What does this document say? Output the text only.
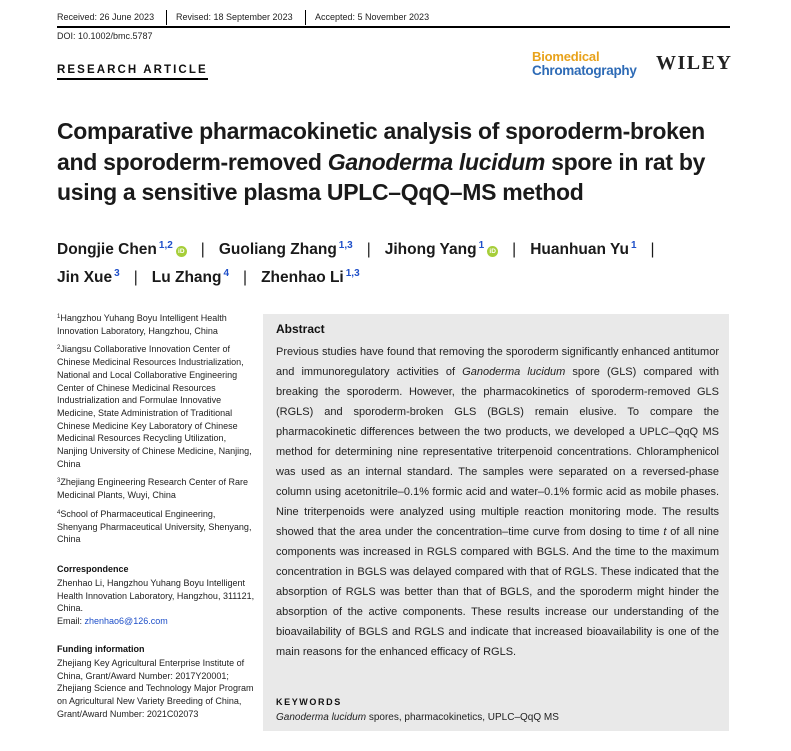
Received: 26 June 2023 Revised: 18 September 2023 Accepted: 5 November 2023
DOI: 10.1002/bmc.5787
RESEARCH ARTICLE
Biomedical
Chromatography WILEY
Comparative pharmacokinetic analysis of sporoderm-broken and sporoderm-removed Ganoderma lucidum spore in rat by using a sensitive plasma UPLC–QqQ–MS method
Dongjie Chen $^{1,2}$iD | Guoliang Zhang $^{1,3}$ | Jihong Yang $^1$iD | Huanhuan Yu $^1$ |
Jin Xue $^3$ | Lu Zhang $^4$ | Zhenhao Li $^{1,3}$

$^1$Hangzhou Yuhang Boyu Intelligent Health Innovation Laboratory, Hangzhou, China

$^2$Jiangsu Collaborative Innovation Center of Chinese Medicinal Resources Industrialization, National and Local Collaborative Engineering Center of Chinese Medicinal Resources Industrialization and Formulae Innovative Medicine, State Administration of Traditional Chinese Medicine Key Laboratory of Chinese Medicinal Resources Recycling Utilization, Nanjing University of Chinese Medicine, Nanjing, China

$^3$Zhejiang Engineering Research Center of Rare Medicinal Plants, Wuyi, China

$^4$School of Pharmaceutical Engineering, Shenyang Pharmaceutical University, Shenyang, China

Correspondence
Zhenhao Li, Hangzhou Yuhang Boyu Intelligent Health Innovation Laboratory, Hangzhou, 311121, China.
Email: zhenhao6@126.com
Funding information
Zhejiang Key Agricultural Enterprise Institute of China, Grant/Award Number: 2017Y20001; Zhejiang Science and Technology Major Program on Agricultural New Variety Breeding of China, Grant/Award Number: 2021C02073
Abstract

Previous studies have found that removing the sporoderm significantly enhanced antitumor and immunoregulatory activities of Ganoderma lucidum spore (GLS) compared with breaking the sporoderm. However, the pharmacokinetics of sporoderm-removed GLS (RGLS) and sporoderm-broken GLS (BGLS) remain elusive. To compare the pharmacokinetic differences between the two products, we developed a UPLC–QqQ MS method for determining nine representative triterpenoid concentrations. Chloramphenicol was used as an internal standard. The samples were separated on a reversed-phase column using acetonitrile–0.1% formic acid and water–0.1% formic acid as mobile phases. Nine triterpenoids were analyzed using multiple reaction monitoring mode. The results showed that the area under the concentration–time curve from dosing to time t of all nine components was increased in RGLS compared with BGLS. And the time to the maximum concentration in BGLS was delayed compared with that of RGLS. These indicated that the absorption of RGLS was better than that of BGLS, and the sporoderm might hinder the absorption of the active components. These results increase our understanding of the bioavailability of BGLS and RGLS and indicate that increased bioavailability is one of the main reasons for the enhanced efficacy of RGLS.

KEYWORDS
Ganoderma lucidum spores, pharmacokinetics, UPLC–QqQ MS
